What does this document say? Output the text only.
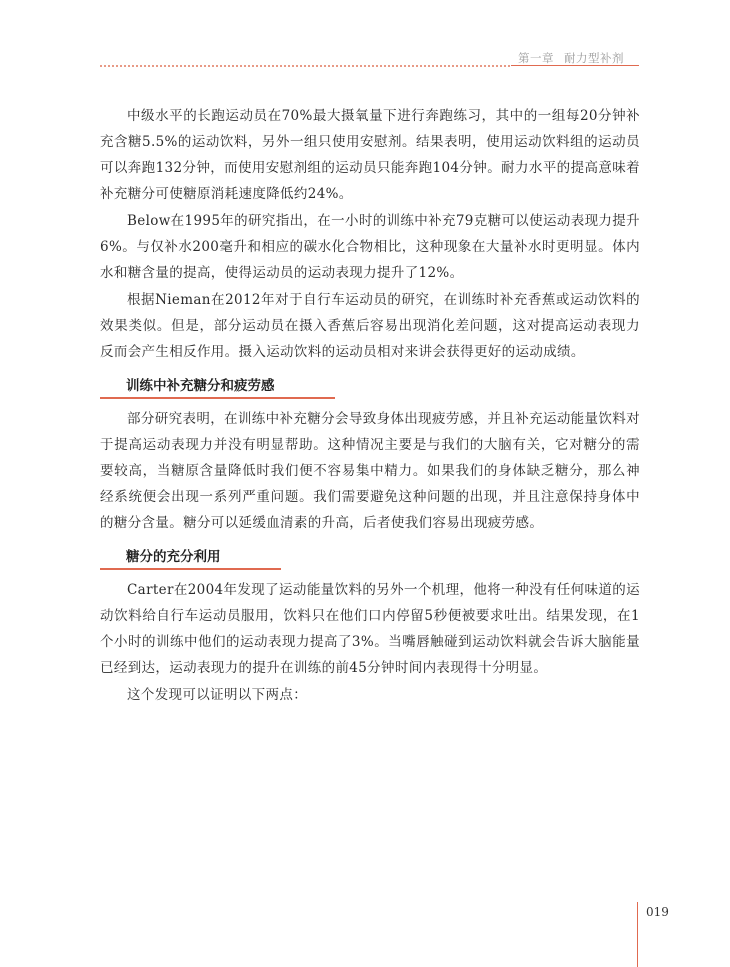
第一章 耐力型补剂

中级水平的长跑运动员在70%最大摄氧量下进行奔跑练习，其中的一组每20分钟补充含糖5.5%的运动饮料，另外一组只使用安慰剂。结果表明，使用运动饮料组的运动员可以奔跑132分钟，而使用安慰剂组的运动员只能奔跑104分钟。耐力水平的提高意味着补充糖分可使糖原消耗速度降低约24%。

Below在1995年的研究指出，在一小时的训练中补充79克糖可以使运动表现力提升6%。与仅补水200毫升和相应的碳水化合物相比，这种现象在大量补水时更明显。体内水和糖含量的提高，使得运动员的运动表现力提升了12%。

根据Nieman在2012年对于自行车运动员的研究，在训练时补充香蕉或运动饮料的效果类似。但是，部分运动员在摄入香蕉后容易出现消化差问题，这对提高运动表现力反而会产生相反作用。摄入运动饮料的运动员相对来讲会获得更好的运动成绩。

训练中补充糖分和疲劳感

部分研究表明，在训练中补充糖分会导致身体出现疲劳感，并且补充运动能量饮料对于提高运动表现力并没有明显帮助。这种情况主要是与我们的大脑有关，它对糖分的需要较高，当糖原含量降低时我们便不容易集中精力。如果我们的身体缺乏糖分，那么神经系统便会出现一系列严重问题。我们需要避免这种问题的出现，并且注意保持身体中的糖分含量。糖分可以延缓血清素的升高，后者使我们容易出现疲劳感。

糖分的充分利用

Carter在2004年发现了运动能量饮料的另外一个机理，他将一种没有任何味道的运动饮料给自行车运动员服用，饮料只在他们口内停留5秒便被要求吐出。结果发现，在1个小时的训练中他们的运动表现力提高了3%。当嘴唇触碰到运动饮料就会告诉大脑能量已经到达，运动表现力的提升在训练的前45分钟时间内表现得十分明显。

这个发现可以证明以下两点：

019
